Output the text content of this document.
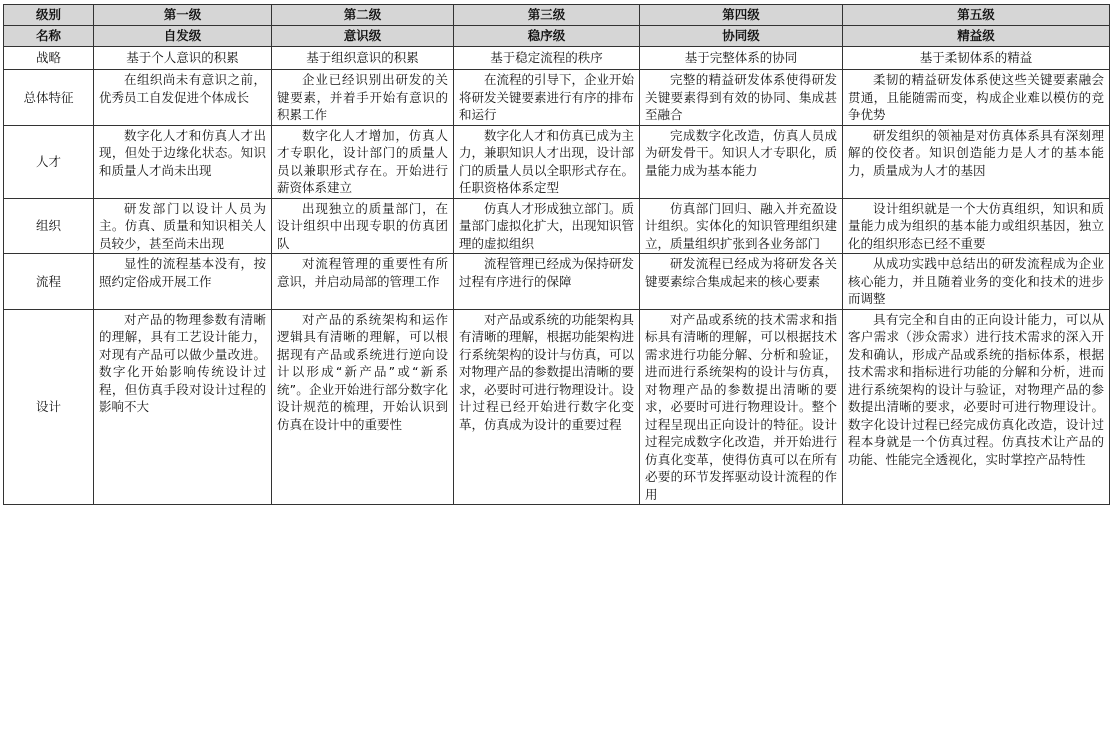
级别	第一级	第二级	第三级	第四级	第五级
名称	自发级	意识级	稳序级	协同级	精益级
战略	基于个人意识的积累	基于组织意识的积累	基于稳定流程的秩序	基于完整体系的协同	基于柔韧体系的精益
总体特征	在组织尚未有意识之前，优秀员工自发促进个体成长	企业已经识别出研发的关键要素，并着手开始有意识的积累工作	在流程的引导下，企业开始将研发关键要素进行有序的排布和运行	完整的精益研发体系使得研发关键要素得到有效的协同、集成甚至融合	柔韧的精益研发体系使这些关键要素融会贯通，且能随需而变，构成企业难以模仿的竞争优势
人才	数字化人才和仿真人才出现，但处于边缘化状态。知识和质量人才尚未出现	数字化人才增加，仿真人才专职化，设计部门的质量人员以兼职形式存在。开始进行薪资体系建立	数字化人才和仿真已成为主力，兼职知识人才出现，设计部门的质量人员以全职形式存在。任职资格体系定型	完成数字化改造，仿真人员成为研发骨干。知识人才专职化，质量能力成为基本能力	研发组织的领袖是对仿真体系具有深刻理解的佼佼者。知识创造能力是人才的基本能力，质量成为人才的基因
组织	研发部门以设计人员为主。仿真、质量和知识相关人员较少，甚至尚未出现	出现独立的质量部门，在设计组织中出现专职的仿真团队	仿真人才形成独立部门。质量部门虚拟化扩大，出现知识管理的虚拟组织	仿真部门回归、融入并充盈设计组织。实体化的知识管理组织建立，质量组织扩张到各业务部门	设计组织就是一个大仿真组织，知识和质量能力成为组织的基本能力或组织基因，独立化的组织形态已经不重要
流程	显性的流程基本没有，按照约定俗成开展工作	对流程管理的重要性有所意识，并启动局部的管理工作	流程管理已经成为保持研发过程有序进行的保障	研发流程已经成为将研发各关键要素综合集成起来的核心要素	从成功实践中总结出的研发流程成为企业核心能力，并且随着业务的变化和技术的进步而调整
设计	对产品的物理参数有清晰的理解，具有工艺设计能力，对现有产品可以做少量改进。数字化开始影响传统设计过程，但仿真手段对设计过程的影响不大	对产品的系统架构和运作逻辑具有清晰的理解，可以根据现有产品或系统进行逆向设计以形成“新产品”或“新系统”。企业开始进行部分数字化设计规范的梳理，开始认识到仿真在设计中的重要性	对产品或系统的功能架构具有清晰的理解，根据功能架构进行系统架构的设计与仿真，可以对物理产品的参数提出清晰的要求，必要时可进行物理设计。设计过程已经开始进行数字化变革，仿真成为设计的重要过程	对产品或系统的技术需求和指标具有清晰的理解，可以根据技术需求进行功能分解、分析和验证，进而进行系统架构的设计与仿真，对物理产品的参数提出清晰的要求，必要时可进行物理设计。整个过程呈现出正向设计的特征。设计过程完成数字化改造，并开始进行仿真化变革，使得仿真可以在所有必要的环节发挥驱动设计流程的作用	具有完全和自由的正向设计能力，可以从客户需求（涉众需求）进行技术需求的深入开发和确认，形成产品或系统的指标体系，根据技术需求和指标进行功能的分解和分析，进而进行系统架构的设计与验证，对物理产品的参数提出清晰的要求，必要时可进行物理设计。数字化设计过程已经完成仿真化改造，设计过程本身就是一个仿真过程。仿真技术让产品的功能、性能完全透视化，实时掌控产品特性
